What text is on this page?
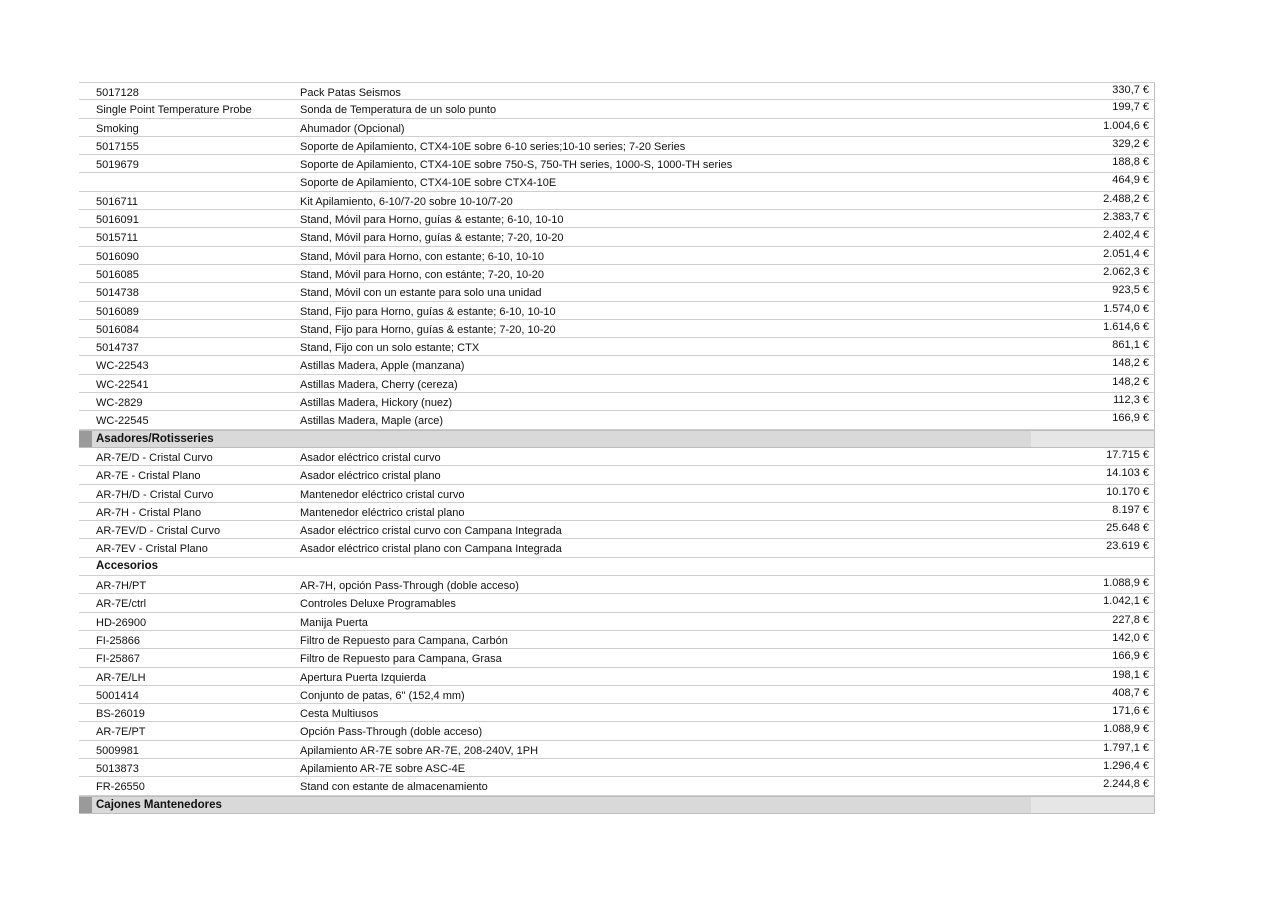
5017128	Pack Patas Seismos	330,7 €
Single Point Temperature Probe	Sonda de Temperatura de un solo punto	199,7 €
Smoking	Ahumador (Opcional)	1.004,6 €
5017155	Soporte de Apilamiento, CTX4-10E sobre 6-10 series;10-10 series; 7-20 Series	329,2 €
5019679	Soporte de Apilamiento, CTX4-10E sobre 750-S, 750-TH series, 1000-S, 1000-TH series	188,8 €
Soporte de Apilamiento, CTX4-10E sobre CTX4-10E	464,9 €
5016711	Kit Apilamiento, 6-10/7-20 sobre 10-10/7-20	2.488,2 €
5016091	Stand, Móvil para Horno, guías & estante; 6-10, 10-10	2.383,7 €
5015711	Stand, Móvil para Horno, guías & estante; 7-20, 10-20	2.402,4 €
5016090	Stand, Móvil para Horno, con estante; 6-10, 10-10	2.051,4 €
5016085	Stand, Móvil para Horno, con estánte; 7-20, 10-20	2.062,3 €
5014738	Stand, Móvil con un estante para solo una unidad	923,5 €
5016089	Stand, Fijo para Horno, guías & estante; 6-10, 10-10	1.574,0 €
5016084	Stand, Fijo para Horno, guías & estante; 7-20, 10-20	1.614,6 €
5014737	Stand, Fijo con un solo estante; CTX	861,1 €
WC-22543	Astillas Madera, Apple (manzana)	148,2 €
WC-22541	Astillas Madera, Cherry (cereza)	148,2 €
WC-2829	Astillas Madera, Hickory (nuez)	112,3 €
WC-22545	Astillas Madera, Maple (arce)	166,9 €
Asadores/Rotisseries
AR-7E/D - Cristal Curvo	Asador eléctrico cristal curvo	17.715 €
AR-7E - Cristal Plano	Asador eléctrico cristal plano	14.103 €
AR-7H/D - Cristal Curvo	Mantenedor eléctrico cristal curvo	10.170 €
AR-7H - Cristal Plano	Mantenedor eléctrico cristal plano	8.197 €
AR-7EV/D - Cristal Curvo	Asador eléctrico cristal curvo con Campana Integrada	25.648 €
AR-7EV - Cristal Plano	Asador eléctrico cristal plano con Campana Integrada	23.619 €
Accesorios
AR-7H/PT	AR-7H, opción Pass-Through (doble acceso)	1.088,9 €
AR-7E/ctrl	Controles Deluxe Programables	1.042,1 €
HD-26900	Manija Puerta	227,8 €
FI-25866	Filtro de Repuesto para Campana, Carbón	142,0 €
FI-25867	Filtro de Repuesto para Campana, Grasa	166,9 €
AR-7E/LH	Apertura Puerta Izquierda	198,1 €
5001414	Conjunto de patas, 6" (152,4 mm)	408,7 €
BS-26019	Cesta Multiusos	171,6 €
AR-7E/PT	Opción Pass-Through (doble acceso)	1.088,9 €
5009981	Apilamiento AR-7E sobre AR-7E, 208-240V, 1PH	1.797,1 €
5013873	Apilamiento AR-7E sobre ASC-4E	1.296,4 €
FR-26550	Stand con estante de almacenamiento	2.244,8 €
Cajones Mantenedores
